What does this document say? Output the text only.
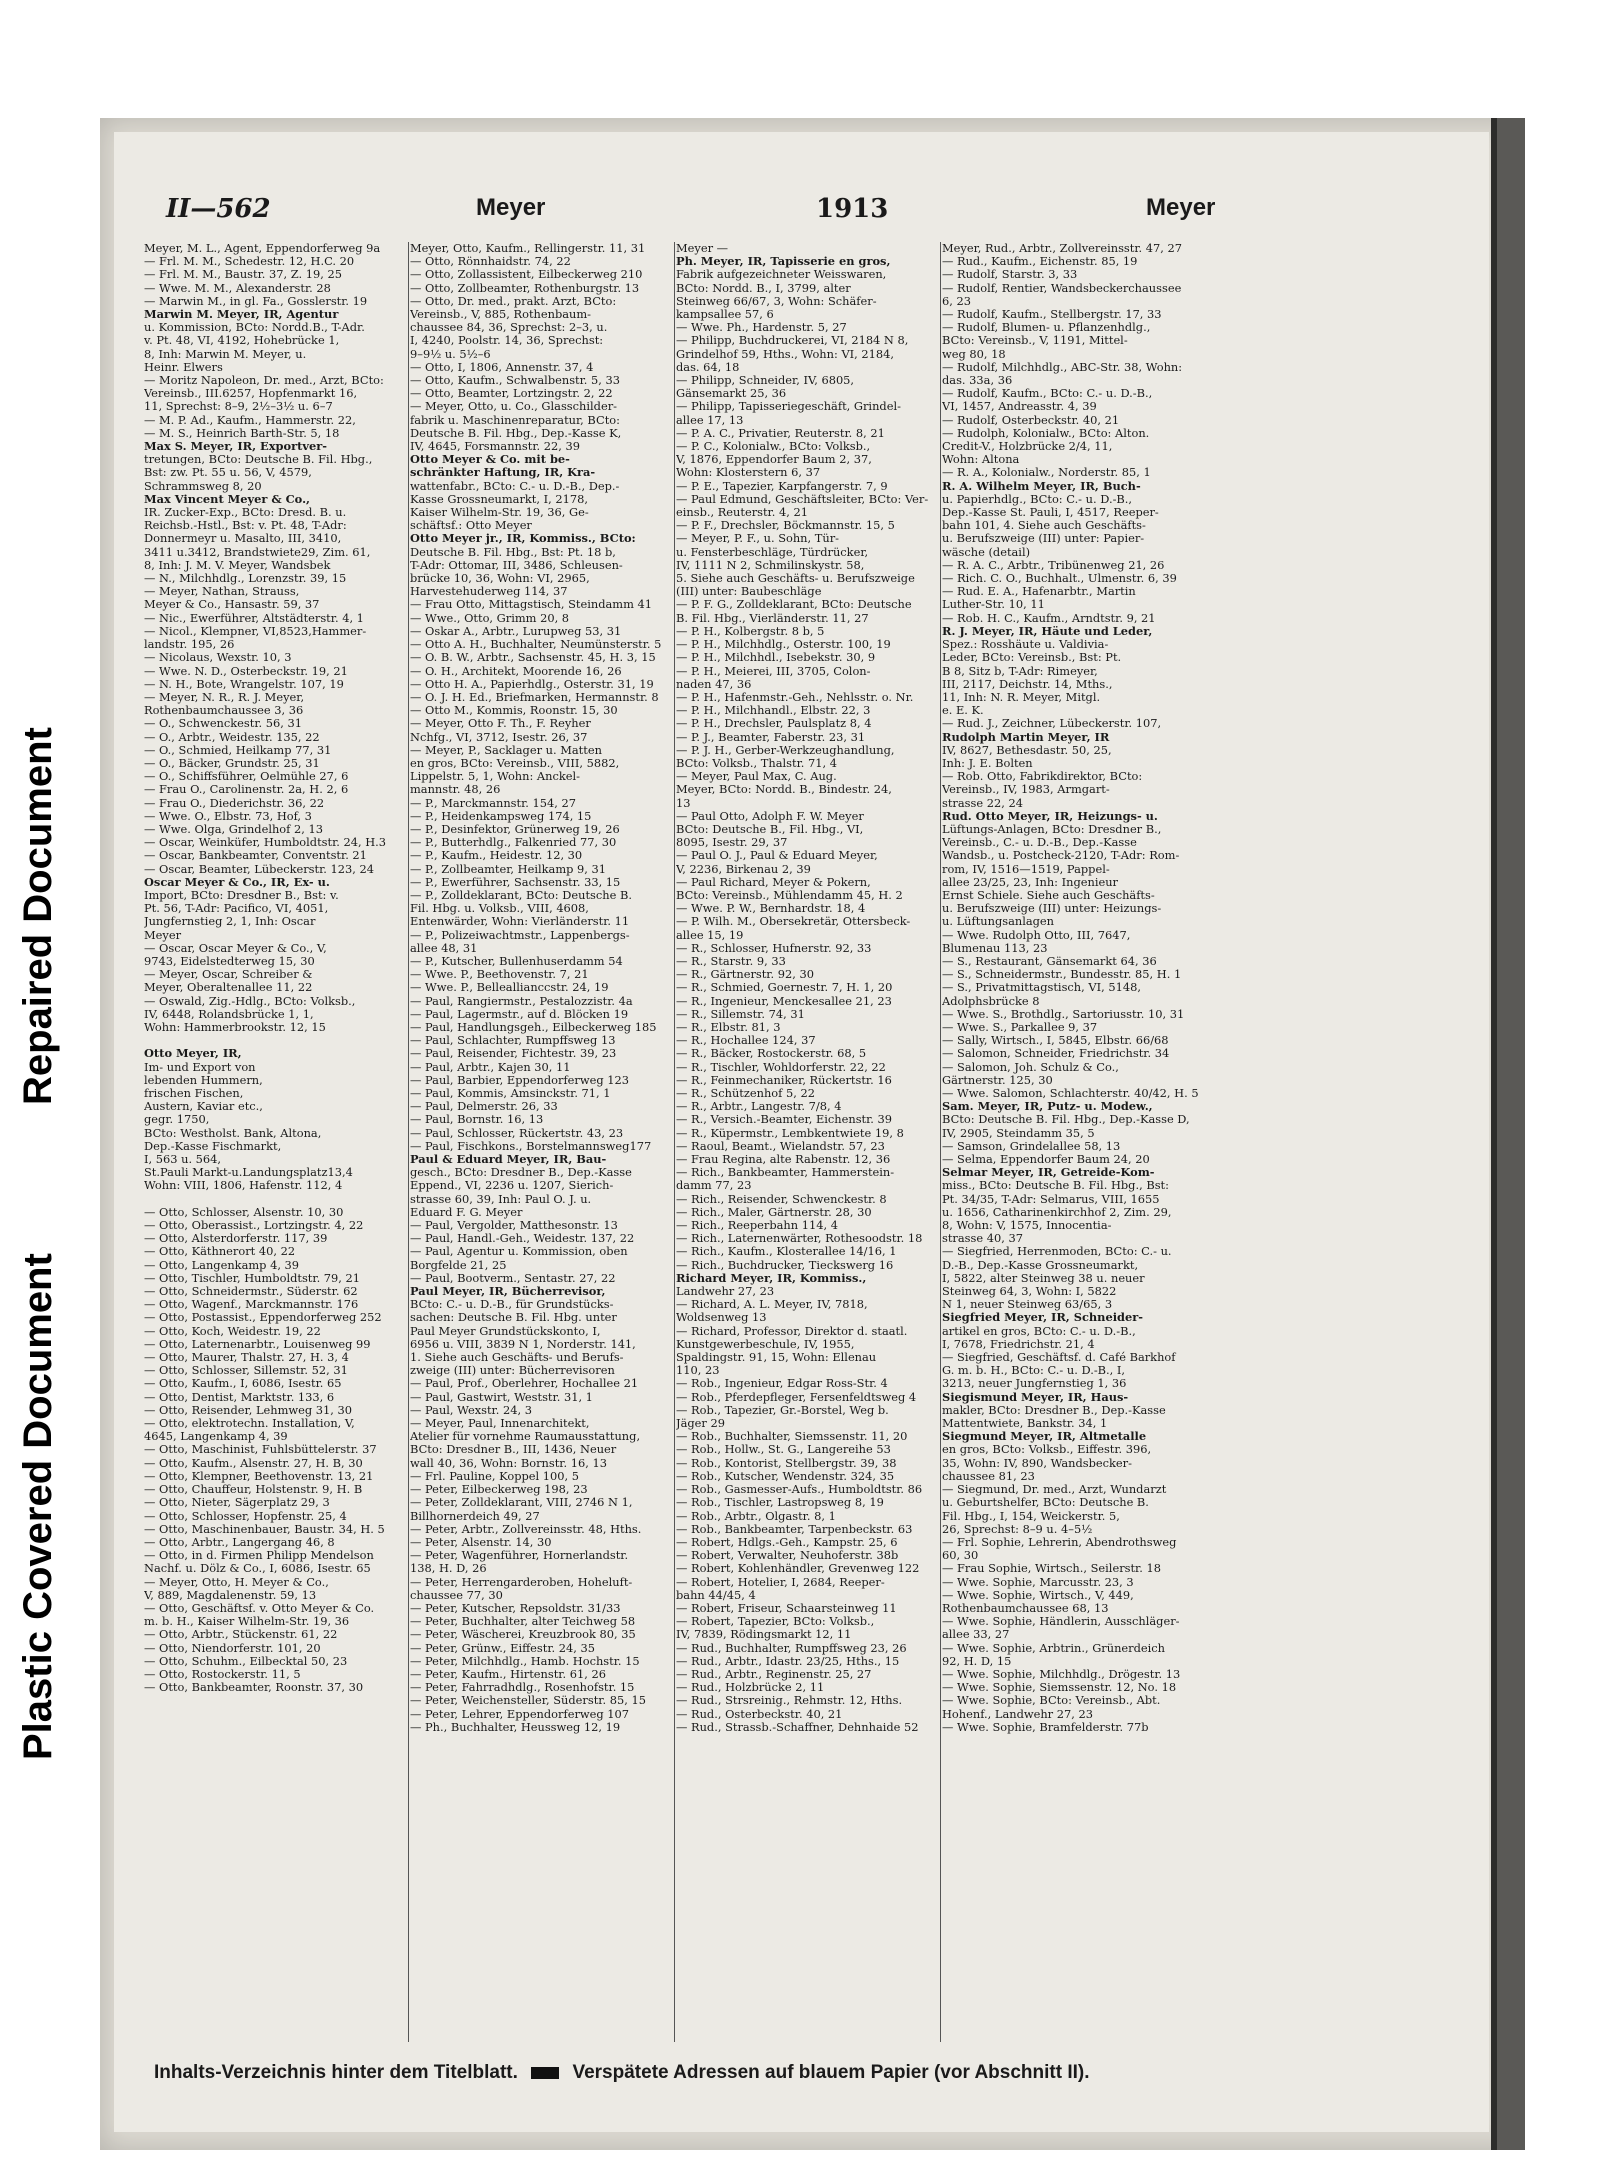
Repaired Document
Plastic Covered Document
II—562	Meyer	1913	Meyer
Meyer, M. L., Agent, Eppendorferweg 9a
— Frl. M. M., Schedestr. 12, H.C. 20
— Frl. M. M., Baustr. 37, Z. 19, 25
— Wwe. M. M., Alexanderstr. 28
— Marwin M., in gl. Fa., Gosslerstr. 19
Marwin M. Meyer, IR, Agentur
u. Kommission, BCto: Nordd.B., T-Adr.
v. Pt. 48, VI, 4192, Hohebrücke 1,
8, Inh: Marwin M. Meyer, u.
Heinr. Elwers
— Moritz Napoleon, Dr. med., Arzt, BCto:
Vereinsb., III.6257, Hopfenmarkt 16,
11, Sprechst: 8–9, 2½–3½ u. 6–7
— M. P. Ad., Kaufm., Hammerstr. 22,
— M. S., Heinrich Barth-Str. 5, 18
Max S. Meyer, IR, Exportver-
tretungen, BCto: Deutsche B. Fil. Hbg.,
Bst: zw. Pt. 55 u. 56, V, 4579,
Schrammsweg 8, 20
Max Vincent Meyer & Co.,
IR. Zucker-Exp., BCto: Dresd. B. u.
Reichsb.-Hstl., Bst: v. Pt. 48, T-Adr:
Donnermeyr u. Masalto, III, 3410,
3411 u.3412, Brandstwiete29, Zim. 61,
8, Inh: J. M. V. Meyer, Wandsbek
— N., Milchhdlg., Lorenzstr. 39, 15
— Meyer, Nathan, Strauss,
Meyer & Co., Hansastr. 59, 37
— Nic., Ewerführer, Altstädterstr. 4, 1
— Nicol., Klempner, VI,8523,Hammer-
landstr. 195, 26
— Nicolaus, Wexstr. 10, 3
— Wwe. N. D., Osterbeckstr. 19, 21
— N. H., Bote, Wrangelstr. 107, 19
— Meyer, N. R., R. J. Meyer,
Rothenbaumchaussee 3, 36
— O., Schwenckestr. 56, 31
— O., Arbtr., Weidestr. 135, 22
— O., Schmied, Heilkamp 77, 31
— O., Bäcker, Grundstr. 25, 31
— O., Schiffsführer, Oelmühle 27, 6
— Frau O., Carolinenstr. 2a, H. 2, 6
— Frau O., Diederichstr. 36, 22
— Wwe. O., Elbstr. 73, Hof, 3
— Wwe. Olga, Grindelhof 2, 13
— Oscar, Weinküfer, Humboldtstr. 24, H.3
— Oscar, Bankbeamter, Conventstr. 21
— Oscar, Beamter, Lübeckerstr. 123, 24
Oscar Meyer & Co., IR, Ex- u.
Import, BCto: Dresdner B., Bst: v.
Pt. 56, T-Adr: Pacifico, VI, 4051,
Jungfernstieg 2, 1, Inh: Oscar
Meyer
— Oscar, Oscar Meyer & Co., V,
9743, Eidelstedterweg 15, 30
— Meyer, Oscar, Schreiber &
Meyer, Oberaltenallee 11, 22
— Oswald, Zig.-Hdlg., BCto: Volksb.,
IV, 6448, Rolandsbrücke 1, 1,
Wohn: Hammerbrookstr. 12, 15

Otto Meyer, IR,
Im- und Export von
lebenden Hummern,
frischen Fischen,
Austern, Kaviar etc.,
gegr. 1750,
BCto: Westholst. Bank, Altona,
Dep.-Kasse Fischmarkt,
I, 563 u. 564,
St.Pauli Markt-u.Landungsplatz13,4
Wohn: VIII, 1806, Hafenstr. 112, 4

— Otto, Schlosser, Alsenstr. 10, 30
— Otto, Oberassist., Lortzingstr. 4, 22
— Otto, Alsterdorferstr. 117, 39
— Otto, Käthnerort 40, 22
— Otto, Langenkamp 4, 39
— Otto, Tischler, Humboldtstr. 79, 21
— Otto, Schneidermstr., Süderstr. 62
— Otto, Wagenf., Marckmannstr. 176
— Otto, Postassist., Eppendorferweg 252
— Otto, Koch, Weidestr. 19, 22
— Otto, Laternenarbtr., Louisenweg 99
— Otto, Maurer, Thalstr. 27, H. 3, 4
— Otto, Schlosser, Sillemstr. 52, 31
— Otto, Kaufm., I, 6086, Isestr. 65
— Otto, Dentist, Marktstr. 133, 6
— Otto, Reisender, Lehmweg 31, 30
— Otto, elektrotechn. Installation, V,
4645, Langenkamp 4, 39
— Otto, Maschinist, Fuhlsbüttelerstr. 37
— Otto, Kaufm., Alsenstr. 27, H. B, 30
— Otto, Klempner, Beethovenstr. 13, 21
— Otto, Chauffeur, Holstenstr. 9, H. B
— Otto, Nieter, Sägerplatz 29, 3
— Otto, Schlosser, Hopfenstr. 25, 4
— Otto, Maschinenbauer, Baustr. 34, H. 5
— Otto, Arbtr., Langergang 46, 8
— Otto, in d. Firmen Philipp Mendelson
Nachf. u. Dölz & Co., I, 6086, Isestr. 65
— Meyer, Otto, H. Meyer & Co.,
V, 889, Magdalenenstr. 59, 13
— Otto, Geschäftsf. v. Otto Meyer & Co.
m. b. H., Kaiser Wilhelm-Str. 19, 36
— Otto, Arbtr., Stückenstr. 61, 22
— Otto, Niendorferstr. 101, 20
— Otto, Schuhm., Eilbecktal 50, 23
— Otto, Rostockerstr. 11, 5
— Otto, Bankbeamter, Roonstr. 37, 30
Meyer, Otto, Kaufm., Rellingerstr. 11, 31
— Otto, Rönnhaidstr. 74, 22
— Otto, Zollassistent, Eilbeckerweg 210
— Otto, Zollbeamter, Rothenburgstr. 13
— Otto, Dr. med., prakt. Arzt, BCto:
Vereinsb., V, 885, Rothenbaum-
chaussee 84, 36, Sprechst: 2–3, u.
I, 4240, Poolstr. 14, 36, Sprechst:
9–9½ u. 5½–6
— Otto, I, 1806, Annenstr. 37, 4
— Otto, Kaufm., Schwalbenstr. 5, 33
— Otto, Beamter, Lortzingstr. 2, 22
— Meyer, Otto, u. Co., Glasschilder-
fabrik u. Maschinenreparatur, BCto:
Deutsche B. Fil. Hbg., Dep.-Kasse K,
IV, 4645, Forsmannstr. 22, 39
Otto Meyer & Co. mit be-
schränkter Haftung, IR, Kra-
wattenfabr., BCto: C.- u. D.-B., Dep.-
Kasse Grossneumarkt, I, 2178,
Kaiser Wilhelm-Str. 19, 36, Ge-
schäftsf.: Otto Meyer
Otto Meyer jr., IR, Kommiss., BCto:
Deutsche B. Fil. Hbg., Bst: Pt. 18 b,
T-Adr: Ottomar, III, 3486, Schleusen-
brücke 10, 36, Wohn: VI, 2965,
Harvestehuderweg 114, 37
— Frau Otto, Mittagstisch, Steindamm 41
— Wwe., Otto, Grimm 20, 8
— Oskar A., Arbtr., Lurupweg 53, 31
— Otto A. H., Buchhalter, Neumünsterstr. 5
— O. B. W., Arbtr., Sachsenstr. 45, H. 3, 15
— O. H., Architekt, Moorende 16, 26
— Otto H. A., Papierhdlg., Osterstr. 31, 19
— O. J. H. Ed., Briefmarken, Hermannstr. 8
— Otto M., Kommis, Roonstr. 15, 30
— Meyer, Otto F. Th., F. Reyher
Nchfg., VI, 3712, Isestr. 26, 37
— Meyer, P., Sacklager u. Matten
en gros, BCto: Vereinsb., VIII, 5882,
Lippelstr. 5, 1, Wohn: Anckel-
mannstr. 48, 26
— P., Marckmannstr. 154, 27
— P., Heidenkampsweg 174, 15
— P., Desinfektor, Grünerweg 19, 26
— P., Butterhdlg., Falkenried 77, 30
— P., Kaufm., Heidestr. 12, 30
— P., Zollbeamter, Heilkamp 9, 31
— P., Ewerführer, Sachsenstr. 33, 15
— P., Zolldeklarant, BCto: Deutsche B.
Fil. Hbg. u. Volksb., VIII, 4608,
Entenwärder, Wohn: Vierländerstr. 11
— P., Polizeiwachtmstr., Lappenbergs-
allee 48, 31
— P., Kutscher, Bullenhuserdamm 54
— Wwe. P., Beethovenstr. 7, 21
— Wwe. P., Belleallianccstr. 24, 19
— Paul, Rangiermstr., Pestalozzistr. 4a
— Paul, Lagermstr., auf d. Blöcken 19
— Paul, Handlungsgeh., Eilbeckerweg 185
— Paul, Schlachter, Rumpffsweg 13
— Paul, Reisender, Fichtestr. 39, 23
— Paul, Arbtr., Kajen 30, 11
— Paul, Barbier, Eppendorferweg 123
— Paul, Kommis, Amsinckstr. 71, 1
— Paul, Delmerstr. 26, 33
— Paul, Bornstr. 16, 13
— Paul, Schlosser, Rückertstr. 43, 23
— Paul, Fischkons., Borstelmannsweg177
Paul & Eduard Meyer, IR, Bau-
gesch., BCto: Dresdner B., Dep.-Kasse
Eppend., VI, 2236 u. 1207, Sierich-
strasse 60, 39, Inh: Paul O. J. u.
Eduard F. G. Meyer
— Paul, Vergolder, Matthesonstr. 13
— Paul, Handl.-Geh., Weidestr. 137, 22
— Paul, Agentur u. Kommission, oben
Borgfelde 21, 25
— Paul, Bootverm., Sentastr. 27, 22
Paul Meyer, IR, Bücherrevisor,
BCto: C.- u. D.-B., für Grundstücks-
sachen: Deutsche B. Fil. Hbg. unter
Paul Meyer Grundstückskonto, I,
6956 u. VIII, 3839 N 1, Norderstr. 141,
1. Siehe auch Geschäfts- und Berufs-
zweige (III) unter: Bücherrevisoren
— Paul, Prof., Oberlehrer, Hochallee 21
— Paul, Gastwirt, Weststr. 31, 1
— Paul, Wexstr. 24, 3
— Meyer, Paul, Innenarchitekt,
Atelier für vornehme Raumausstattung,
BCto: Dresdner B., III, 1436, Neuer
wall 40, 36, Wohn: Bornstr. 16, 13
— Frl. Pauline, Koppel 100, 5
— Peter, Eilbeckerweg 198, 23
— Peter, Zolldeklarant, VIII, 2746 N 1,
Billhornerdeich 49, 27
— Peter, Arbtr., Zollvereinsstr. 48, Hths.
— Peter, Alsenstr. 14, 30
— Peter, Wagenführer, Hornerlandstr.
138, H. D, 26
— Peter, Herrengarderoben, Hoheluft-
chaussee 77, 30
— Peter, Kutscher, Repsoldstr. 31/33
— Peter, Buchhalter, alter Teichweg 58
— Peter, Wäscherei, Kreuzbrook 80, 35
— Peter, Grünw., Eiffestr. 24, 35
— Peter, Milchhdlg., Hamb. Hochstr. 15
— Peter, Kaufm., Hirtenstr. 61, 26
— Peter, Fahrradhdlg., Rosenhofstr. 15
— Peter, Weichensteller, Süderstr. 85, 15
— Peter, Lehrer, Eppendorferweg 107
— Ph., Buchhalter, Heussweg 12, 19
Meyer —
Ph. Meyer, IR, Tapisserie en gros,
Fabrik aufgezeichneter Weisswaren,
BCto: Nordd. B., I, 3799, alter
Steinweg 66/67, 3, Wohn: Schäfer-
kampsallee 57, 6
— Wwe. Ph., Hardenstr. 5, 27
— Philipp, Buchdruckerei, VI, 2184 N 8,
Grindelhof 59, Hths., Wohn: VI, 2184,
das. 64, 18
— Philipp, Schneider, IV, 6805,
Gänsemarkt 25, 36
— Philipp, Tapisseriegeschäft, Grindel-
allee 17, 13
— P. A. C., Privatier, Reuterstr. 8, 21
— P. C., Kolonialw., BCto: Volksb.,
V, 1876, Eppendorfer Baum 2, 37,
Wohn: Klosterstern 6, 37
— P. E., Tapezier, Karpfangerstr. 7, 9
— Paul Edmund, Geschäftsleiter, BCto: Ver-
einsb., Reuterstr. 4, 21
— P. F., Drechsler, Böckmannstr. 15, 5
— Meyer, P. F., u. Sohn, Tür-
u. Fensterbeschläge, Türdrücker,
IV, 1111 N 2, Schmilinskystr. 58,
5. Siehe auch Geschäfts- u. Berufszweige
(III) unter: Baubeschläge
— P. F. G., Zolldeklarant, BCto: Deutsche
B. Fil. Hbg., Vierländerstr. 11, 27
— P. H., Kolbergstr. 8 b, 5
— P. H., Milchhdlg., Osterstr. 100, 19
— P. H., Milchhdl., Isebekstr. 30, 9
— P. H., Meierei, III, 3705, Colon-
naden 47, 36
— P. H., Hafenmstr.-Geh., Nehlsstr. o. Nr.
— P. H., Milchhandl., Elbstr. 22, 3
— P. H., Drechsler, Paulsplatz 8, 4
— P. J., Beamter, Faberstr. 23, 31
— P. J. H., Gerber-Werkzeughandlung,
BCto: Volksb., Thalstr. 71, 4
— Meyer, Paul Max, C. Aug.
Meyer, BCto: Nordd. B., Bindestr. 24,
13
— Paul Otto, Adolph F. W. Meyer
BCto: Deutsche B., Fil. Hbg., VI,
8095, Isestr. 29, 37
— Paul O. J., Paul & Eduard Meyer,
V, 2236, Birkenau 2, 39
— Paul Richard, Meyer & Pokern,
BCto: Vereinsb., Mühlendamm 45, H. 2
— Wwe. P. W., Bernhardstr. 18, 4
— P. Wilh. M., Obersekretär, Ottersbeck-
allee 15, 19
— R., Schlosser, Hufnerstr. 92, 33
— R., Starstr. 9, 33
— R., Gärtnerstr. 92, 30
— R., Schmied, Goernestr. 7, H. 1, 20
— R., Ingenieur, Menckesallee 21, 23
— R., Sillemstr. 74, 31
— R., Elbstr. 81, 3
— R., Hochallee 124, 37
— R., Bäcker, Rostockerstr. 68, 5
— R., Tischler, Wohldorferstr. 22, 22
— R., Feinmechaniker, Rückertstr. 16
— R., Schützenhof 5, 22
— R., Arbtr., Langestr. 7/8, 4
— R., Versich.-Beamter, Eichenstr. 39
— R., Küpermstr., Lembkentwiete 19, 8
— Raoul, Beamt., Wielandstr. 57, 23
— Frau Regina, alte Rabenstr. 12, 36
— Rich., Bankbeamter, Hammerstein-
damm 77, 23
— Rich., Reisender, Schwenckestr. 8
— Rich., Maler, Gärtnerstr. 28, 30
— Rich., Reeperbahn 114, 4
— Rich., Laternenwärter, Rothesoodstr. 18
— Rich., Kaufm., Klosterallee 14/16, 1
— Rich., Buchdrucker, Tieckswerg 16
Richard Meyer, IR, Kommiss.,
Landwehr 27, 23
— Richard, A. L. Meyer, IV, 7818,
Woldsenweg 13
— Richard, Professor, Direktor d. staatl.
Kunstgewerbeschule, IV, 1955,
Spaldingstr. 91, 15, Wohn: Ellenau
110, 23
— Rob., Ingenieur, Edgar Ross-Str. 4
— Rob., Pferdepfleger, Fersenfeldtsweg 4
— Rob., Tapezier, Gr.-Borstel, Weg b.
Jäger 29
— Rob., Buchhalter, Siemssenstr. 11, 20
— Rob., Hollw., St. G., Langereihe 53
— Rob., Kontorist, Stellbergstr. 39, 38
— Rob., Kutscher, Wendenstr. 324, 35
— Rob., Gasmesser-Aufs., Humboldtstr. 86
— Rob., Tischler, Lastropsweg 8, 19
— Rob., Arbtr., Olgastr. 8, 1
— Rob., Bankbeamter, Tarpenbeckstr. 63
— Robert, Hdlgs.-Geh., Kampstr. 25, 6
— Robert, Verwalter, Neuhoferstr. 38b
— Robert, Kohlenhändler, Grevenweg 122
— Robert, Hotelier, I, 2684, Reeper-
bahn 44/45, 4
— Robert, Friseur, Schaarsteinweg 11
— Robert, Tapezier, BCto: Volksb.,
IV, 7839, Rödingsmarkt 12, 11
— Rud., Buchhalter, Rumpffsweg 23, 26
— Rud., Arbtr., Idastr. 23/25, Hths., 15
— Rud., Arbtr., Reginenstr. 25, 27
— Rud., Holzbrücke 2, 11
— Rud., Strsreinig., Rehmstr. 12, Hths.
— Rud., Osterbeckstr. 40, 21
— Rud., Strassb.-Schaffner, Dehnhaide 52
Meyer, Rud., Arbtr., Zollvereinsstr. 47, 27
— Rud., Kaufm., Eichenstr. 85, 19
— Rudolf, Starstr. 3, 33
— Rudolf, Rentier, Wandsbeckerchaussee
6, 23
— Rudolf, Kaufm., Stellbergstr. 17, 33
— Rudolf, Blumen- u. Pflanzenhdlg.,
BCto: Vereinsb., V, 1191, Mittel-
weg 80, 18
— Rudolf, Milchhdlg., ABC-Str. 38, Wohn:
das. 33a, 36
— Rudolf, Kaufm., BCto: C.- u. D.-B.,
VI, 1457, Andreasstr. 4, 39
— Rudolf, Osterbeckstr. 40, 21
— Rudolph, Kolonialw., BCto: Alton.
Credit-V., Holzbrücke 2/4, 11,
Wohn: Altona
— R. A., Kolonialw., Norderstr. 85, 1
R. A. Wilhelm Meyer, IR, Buch-
u. Papierhdlg., BCto: C.- u. D.-B.,
Dep.-Kasse St. Pauli, I, 4517, Reeper-
bahn 101, 4. Siehe auch Geschäfts-
u. Berufszweige (III) unter: Papier-
wäsche (detail)
— R. A. C., Arbtr., Tribünenweg 21, 26
— Rich. C. O., Buchhalt., Ulmenstr. 6, 39
— Rud. E. A., Hafenarbtr., Martin
Luther-Str. 10, 11
— Rob. H. C., Kaufm., Arndtstr. 9, 21
R. J. Meyer, IR, Häute und Leder,
Spez.: Rosshäute u. Valdivia-
Leder, BCto: Vereinsb., Bst: Pt.
B 8, Sitz b, T-Adr: Rimeyer,
III, 2117, Deichstr. 14, Mths.,
11, Inh: N. R. Meyer, Mitgl.
e. E. K.
— Rud. J., Zeichner, Lübeckerstr. 107,
Rudolph Martin Meyer, IR
IV, 8627, Bethesdastr. 50, 25,
Inh: J. E. Bolten
— Rob. Otto, Fabrikdirektor, BCto:
Vereinsb., IV, 1983, Armgart-
strasse 22, 24
Rud. Otto Meyer, IR, Heizungs- u.
Lüftungs-Anlagen, BCto: Dresdner B.,
Vereinsb., C.- u. D.-B., Dep.-Kasse
Wandsb., u. Postcheck-2120, T-Adr: Rom-
rom, IV, 1516—1519, Pappel-
allee 23/25, 23, Inh: Ingenieur
Ernst Schiele. Siehe auch Geschäfts-
u. Berufszweige (III) unter: Heizungs-
u. Lüftungsanlagen
— Wwe. Rudolph Otto, III, 7647,
Blumenau 113, 23
— S., Restaurant, Gänsemarkt 64, 36
— S., Schneidermstr., Bundesstr. 85, H. 1
— S., Privatmittagstisch, VI, 5148,
Adolphsbrücke 8
— Wwe. S., Brothdlg., Sartoriusstr. 10, 31
— Wwe. S., Parkallee 9, 37
— Sally, Wirtsch., I, 5845, Elbstr. 66/68
— Salomon, Schneider, Friedrichstr. 34
— Salomon, Joh. Schulz & Co.,
Gärtnerstr. 125, 30
— Wwe. Salomon, Schlachterstr. 40/42, H. 5
Sam. Meyer, IR, Putz- u. Modew.,
BCto: Deutsche B. Fil. Hbg., Dep.-Kasse D,
IV, 2905, Steindamm 35, 5
— Samson, Grindelallee 58, 13
— Selma, Eppendorfer Baum 24, 20
Selmar Meyer, IR, Getreide-Kom-
miss., BCto: Deutsche B. Fil. Hbg., Bst:
Pt. 34/35, T-Adr: Selmarus, VIII, 1655
u. 1656, Catharinenkirchhof 2, Zim. 29,
8, Wohn: V, 1575, Innocentia-
strasse 40, 37
— Siegfried, Herrenmoden, BCto: C.- u.
D.-B., Dep.-Kasse Grossneumarkt,
I, 5822, alter Steinweg 38 u. neuer
Steinweg 64, 3, Wohn: I, 5822
N 1, neuer Steinweg 63/65, 3
Siegfried Meyer, IR, Schneider-
artikel en gros, BCto: C.- u. D.-B.,
I, 7678, Friedrichstr. 21, 4
— Siegfried, Geschäftsf. d. Café Barkhof
G. m. b. H., BCto: C.- u. D.-B., I,
3213, neuer Jungfernstieg 1, 36
Siegismund Meyer, IR, Haus-
makler, BCto: Dresdner B., Dep.-Kasse
Mattentwiete, Bankstr. 34, 1
Siegmund Meyer, IR, Altmetalle
en gros, BCto: Volksb., Eiffestr. 396,
35, Wohn: IV, 890, Wandsbecker-
chaussee 81, 23
— Siegmund, Dr. med., Arzt, Wundarzt
u. Geburtshelfer, BCto: Deutsche B.
Fil. Hbg., I, 154, Weickerstr. 5,
26, Sprechst: 8–9 u. 4–5½
— Frl. Sophie, Lehrerin, Abendrothsweg
60, 30
— Frau Sophie, Wirtsch., Seilerstr. 18
— Wwe. Sophie, Marcusstr. 23, 3
— Wwe. Sophie, Wirtsch., V, 449,
Rothenbaumchaussee 68, 13
— Wwe. Sophie, Händlerin, Ausschläger-
allee 33, 27
— Wwe. Sophie, Arbtrin., Grünerdeich
92, H. D, 15
— Wwe. Sophie, Milchhdlg., Drögestr. 13
— Wwe. Sophie, Siemssenstr. 12, No. 18
— Wwe. Sophie, BCto: Vereinsb., Abt.
Hohenf., Landwehr 27, 23
— Wwe. Sophie, Bramfelderstr. 77b
Inhalts-Verzeichnis hinter dem Titelblatt.	Verspätete Adressen auf blauem Papier (vor Abschnitt II).
